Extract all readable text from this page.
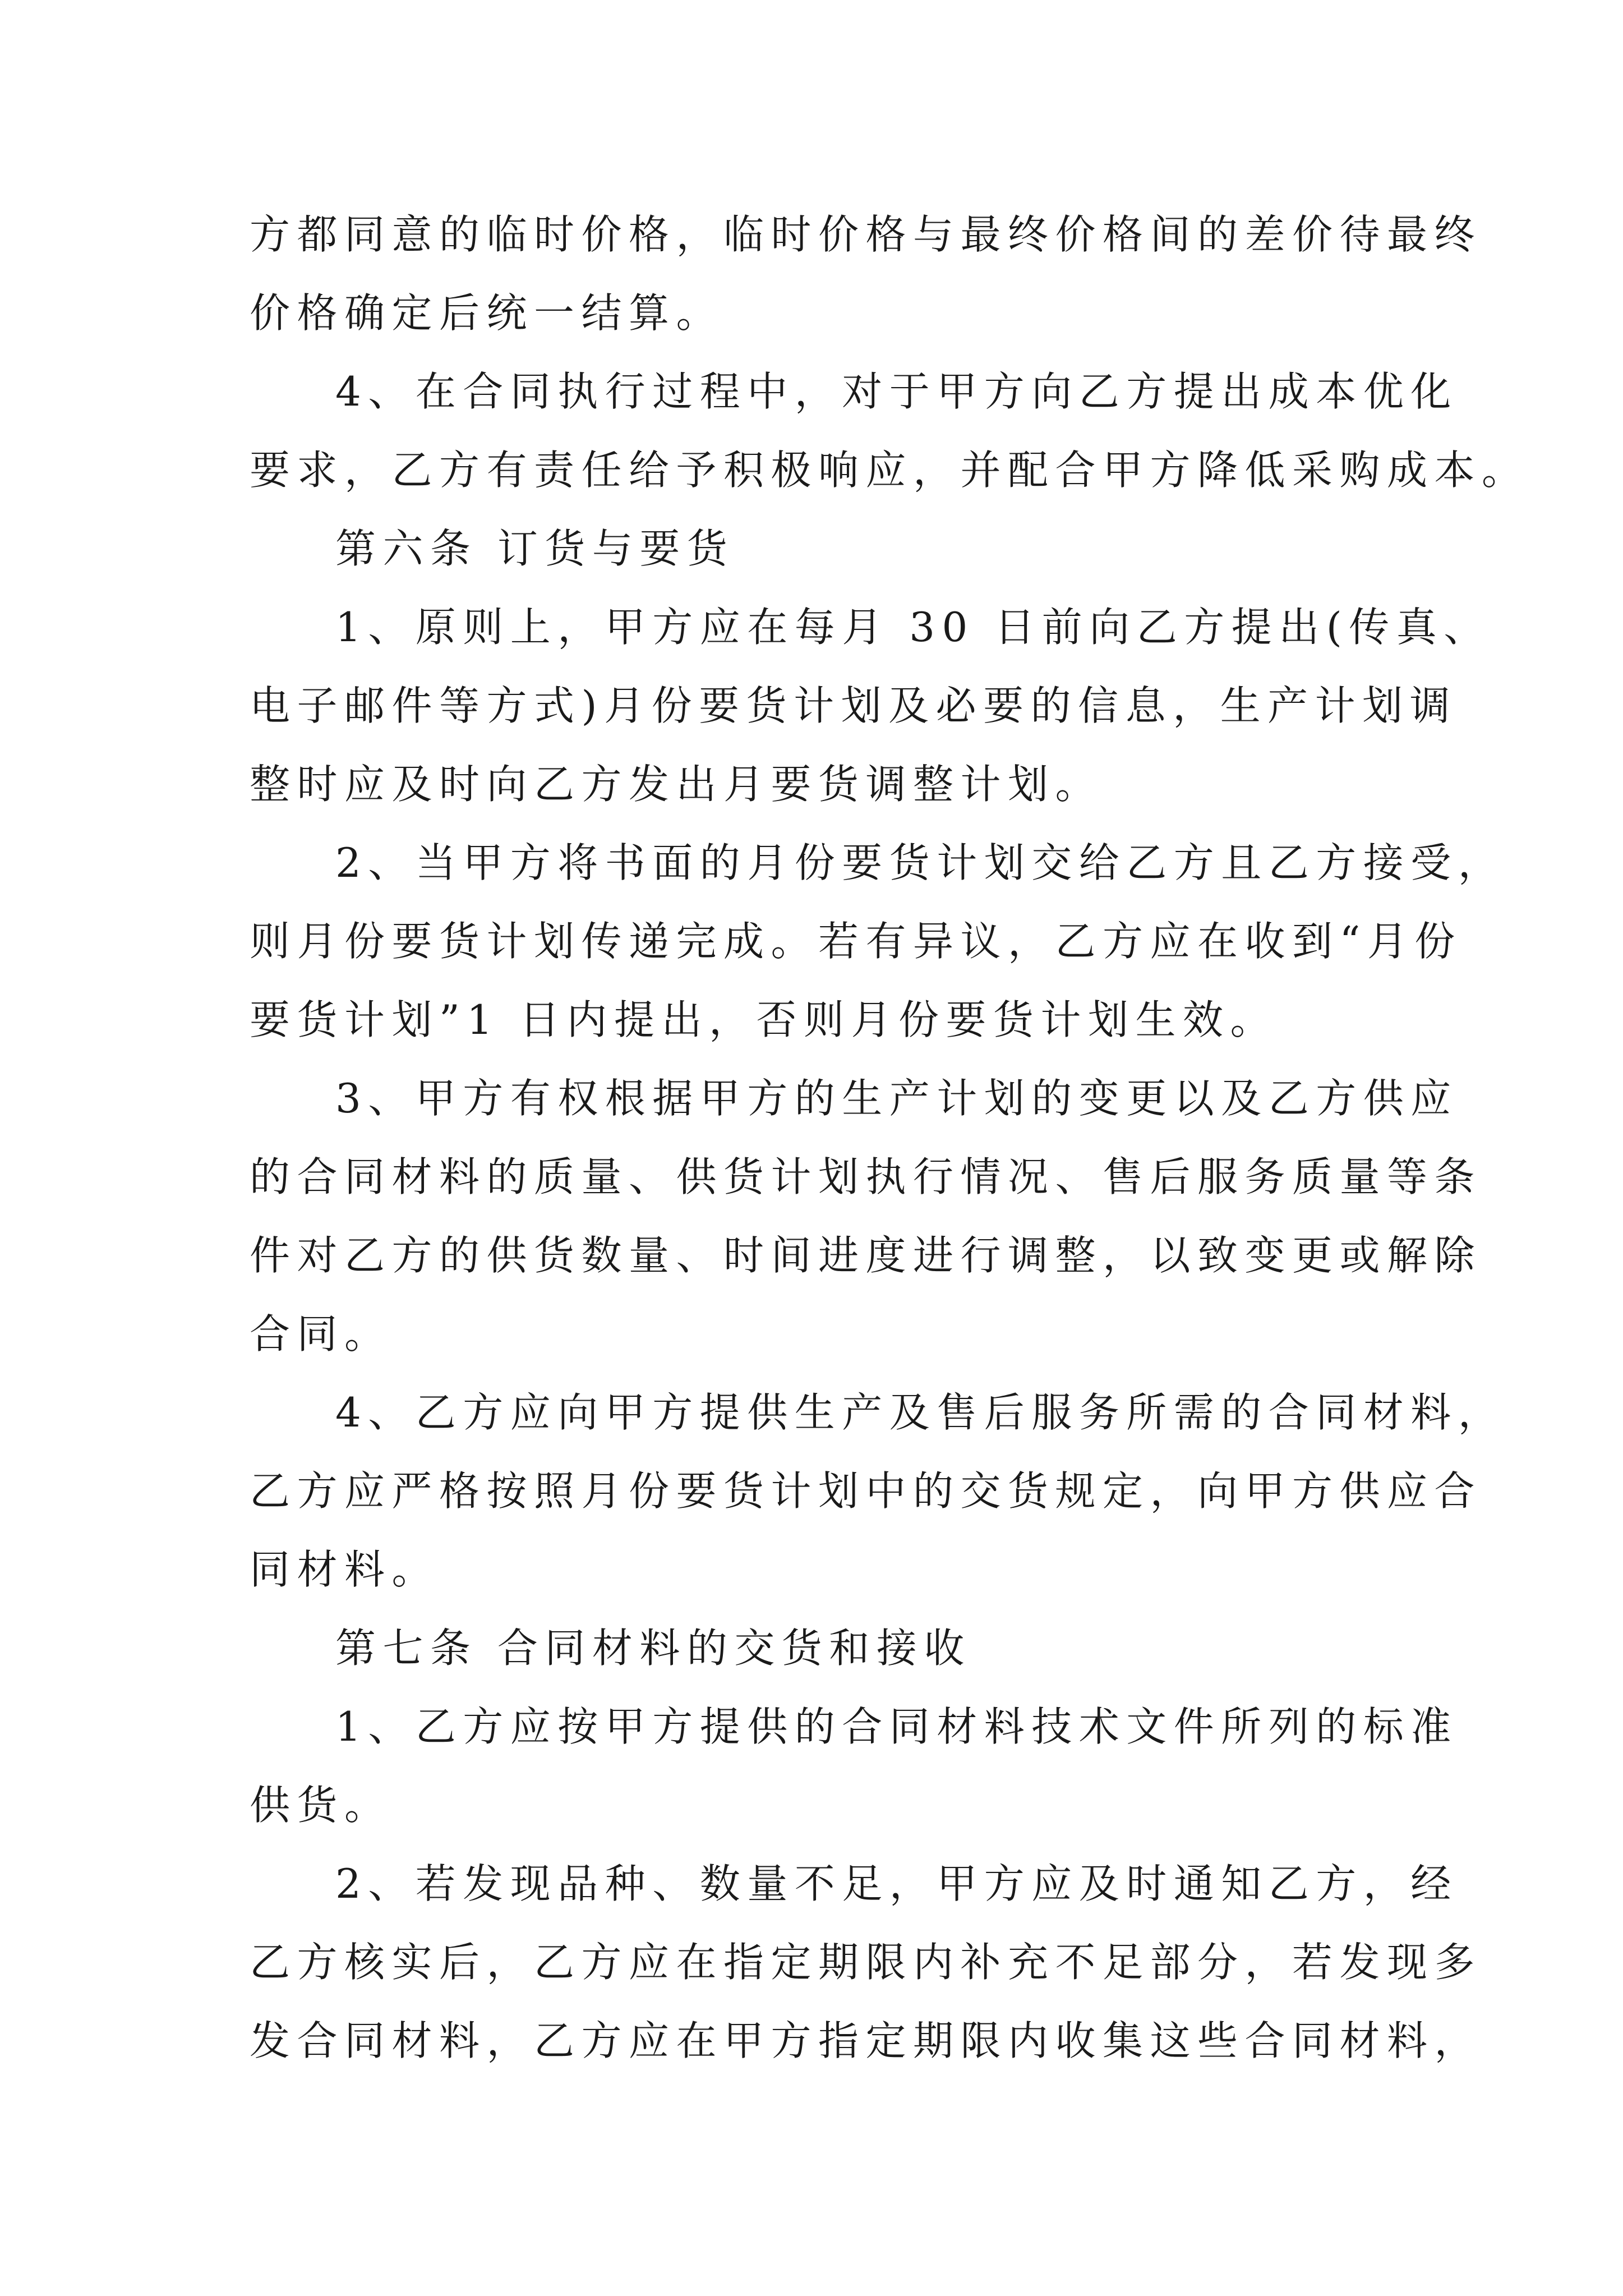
方都同意的临时价格，临时价格与最终价格间的差价待最终
价格确定后统一结算。
4、在合同执行过程中，对于甲方向乙方提出成本优化
要求，乙方有责任给予积极响应，并配合甲方降低采购成本。
第六条 订货与要货
1、原则上，甲方应在每月 30 日前向乙方提出(传真、
电子邮件等方式)月份要货计划及必要的信息，生产计划调
整时应及时向乙方发出月要货调整计划。
2、当甲方将书面的月份要货计划交给乙方且乙方接受，
则月份要货计划传递完成。若有异议，乙方应在收到“月份
要货计划”1 日内提出，否则月份要货计划生效。
3、甲方有权根据甲方的生产计划的变更以及乙方供应
的合同材料的质量、供货计划执行情况、售后服务质量等条
件对乙方的供货数量、时间进度进行调整，以致变更或解除
合同。
4、乙方应向甲方提供生产及售后服务所需的合同材料，
乙方应严格按照月份要货计划中的交货规定，向甲方供应合
同材料。
第七条 合同材料的交货和接收
1、乙方应按甲方提供的合同材料技术文件所列的标准
供货。
2、若发现品种、数量不足，甲方应及时通知乙方，经
乙方核实后，乙方应在指定期限内补充不足部分，若发现多
发合同材料，乙方应在甲方指定期限内收集这些合同材料，
